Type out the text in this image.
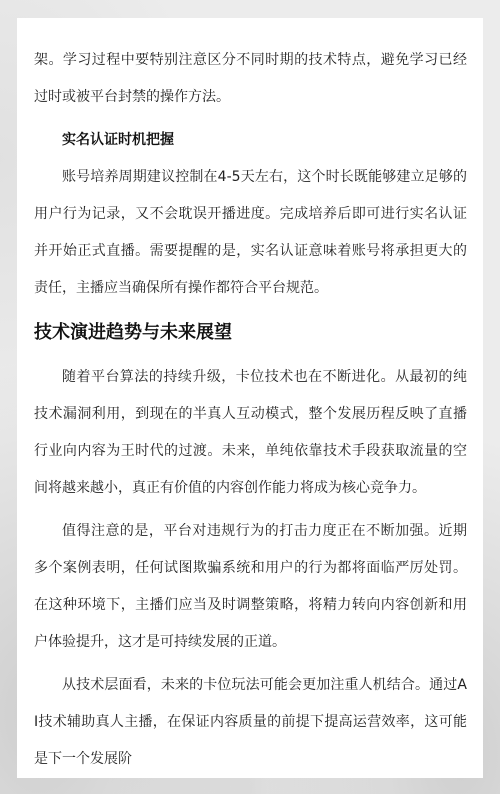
架。学习过程中要特别注意区分不同时期的技术特点，避免学习已经过时或被平台封禁的操作方法。

实名认证时机把握

账号培养周期建议控制在4-5天左右，这个时长既能够建立足够的用户行为记录，又不会耽误开播进度。完成培养后即可进行实名认证并开始正式直播。需要提醒的是，实名认证意味着账号将承担更大的责任，主播应当确保所有操作都符合平台规范。

技术演进趋势与未来展望

随着平台算法的持续升级，卡位技术也在不断进化。从最初的纯技术漏洞利用，到现在的半真人互动模式，整个发展历程反映了直播行业向内容为王时代的过渡。未来，单纯依靠技术手段获取流量的空间将越来越小，真正有价值的内容创作能力将成为核心竞争力。

值得注意的是，平台对违规行为的打击力度正在不断加强。近期多个案例表明，任何试图欺骗系统和用户的行为都将面临严厉处罚。在这种环境下，主播们应当及时调整策略，将精力转向内容创新和用户体验提升，这才是可持续发展的正道。

从技术层面看，未来的卡位玩法可能会更加注重人机结合。通过AI技术辅助真人主播，在保证内容质量的前提下提高运营效率，这可能是下一个发展阶
